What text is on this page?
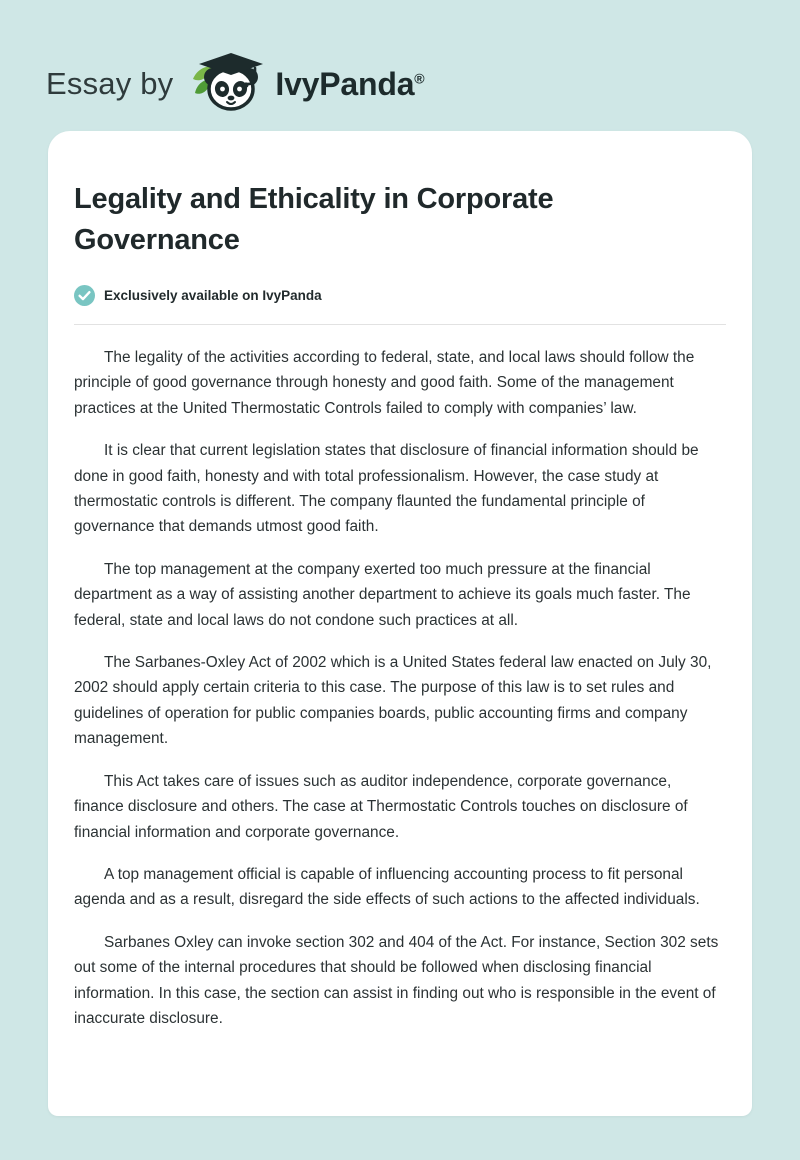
Essay by	IvyPanda®
Legality and Ethicality in Corporate Governance
Exclusively available on IvyPanda

The legality of the activities according to federal, state, and local laws should follow the principle of good governance through honesty and good faith. Some of the management practices at the United Thermostatic Controls failed to comply with companies’ law.

It is clear that current legislation states that disclosure of financial information should be done in good faith, honesty and with total professionalism. However, the case study at thermostatic controls is different. The company flaunted the fundamental principle of governance that demands utmost good faith.

The top management at the company exerted too much pressure at the financial department as a way of assisting another department to achieve its goals much faster. The federal, state and local laws do not condone such practices at all.

The Sarbanes-Oxley Act of 2002 which is a United States federal law enacted on July 30, 2002 should apply certain criteria to this case. The purpose of this law is to set rules and guidelines of operation for public companies boards, public accounting firms and company management.

This Act takes care of issues such as auditor independence, corporate governance, finance disclosure and others. The case at Thermostatic Controls touches on disclosure of financial information and corporate governance.

A top management official is capable of influencing accounting process to fit personal agenda and as a result, disregard the side effects of such actions to the affected individuals.

Sarbanes Oxley can invoke section 302 and 404 of the Act. For instance, Section 302 sets out some of the internal procedures that should be followed when disclosing financial information. In this case, the section can assist in finding out who is responsible in the event of inaccurate disclosure.
